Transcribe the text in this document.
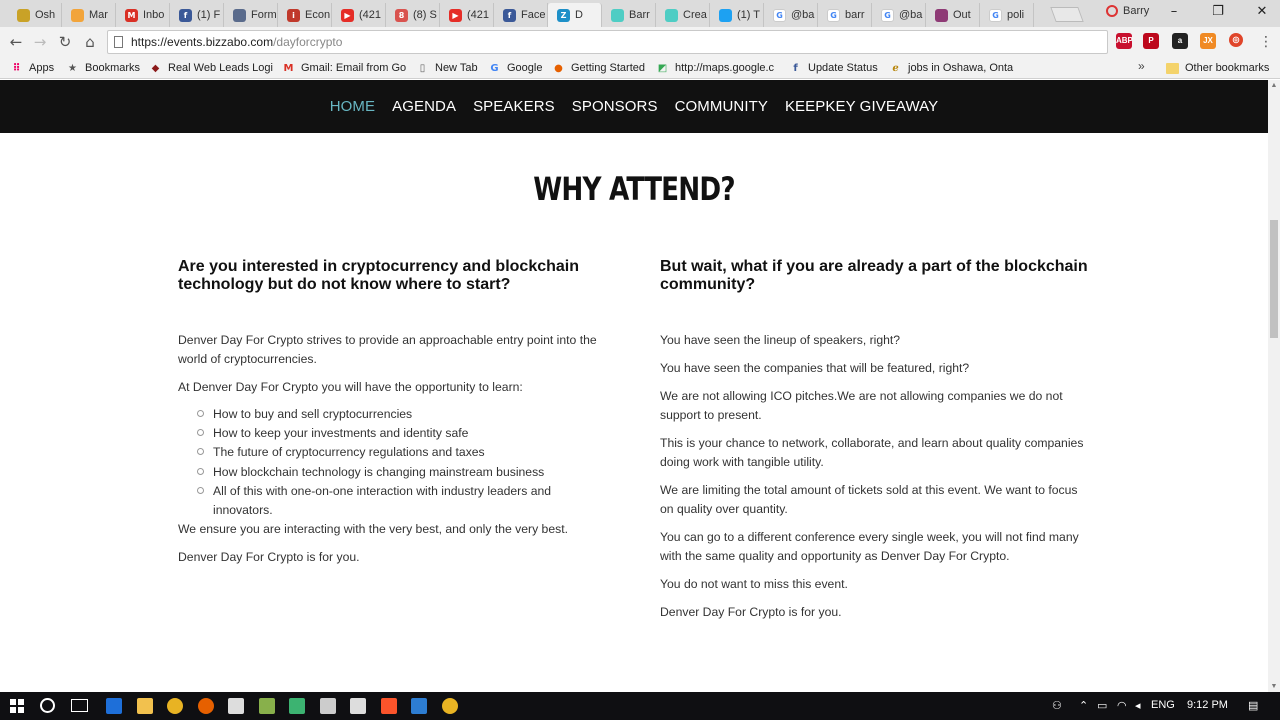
Osh	Mar	M Inbo	f (1) F	Form	i Econ	▶ (421	8 (8) S	▶ (421	f Face	Z D	Barr	Crea	(1) T	G @ba	G barr	G @ba	Out	G poli	Barry	–	❐	✕
← → ↻ ⌂	https://events.bizzabo.com /dayforcrypto	ABP	P	a	JX	◎ ⋮
⠿ Apps ★ Bookmarks ◆ Real Web Leads Logi M Gmail: Email from Go	▯ New Tab G Google ● Getting Started ◩ http://maps.google.c	f Update Status	ℯ jobs in Oshawa, Onta	»	Other bookmarks
HOME AGENDA SPEAKERS SPONSORS COMMUNITY KEEPKEY GIVEAWAY
WHY ATTEND?
Are you interested in cryptocurrency and blockchain technology but do not know where to start?

Denver Day For Crypto strives to provide an approachable entry point into the world of cryptocurrencies.

At Denver Day For Crypto you will have the opportunity to learn:

How to buy and sell cryptocurrencies
How to keep your investments and identity safe
The future of cryptocurrency regulations and taxes
How blockchain technology is changing mainstream business
All of this with one-on-one interaction with industry leaders and innovators.

We ensure you are interacting with the very best, and only the very best.

Denver Day For Crypto is for you.

But wait, what if you are already a part of the blockchain community?

You have seen the lineup of speakers, right?

You have seen the companies that will be featured, right?

We are not allowing ICO pitches.We are not allowing companies we do not support to present.

This is your chance to network, collaborate, and learn about quality companies doing work with tangible utility.

We are limiting the total amount of tickets sold at this event. We want to focus on quality over quantity.

You can go to a different conference every single week, you will not find many with the same quality and opportunity as Denver Day For Crypto.

You do not want to miss this event.

Denver Day For Crypto is for you.

▲
▼
⚇ ⌃ ▭ ◠ ◂ ENG 9:12 PM ▤
